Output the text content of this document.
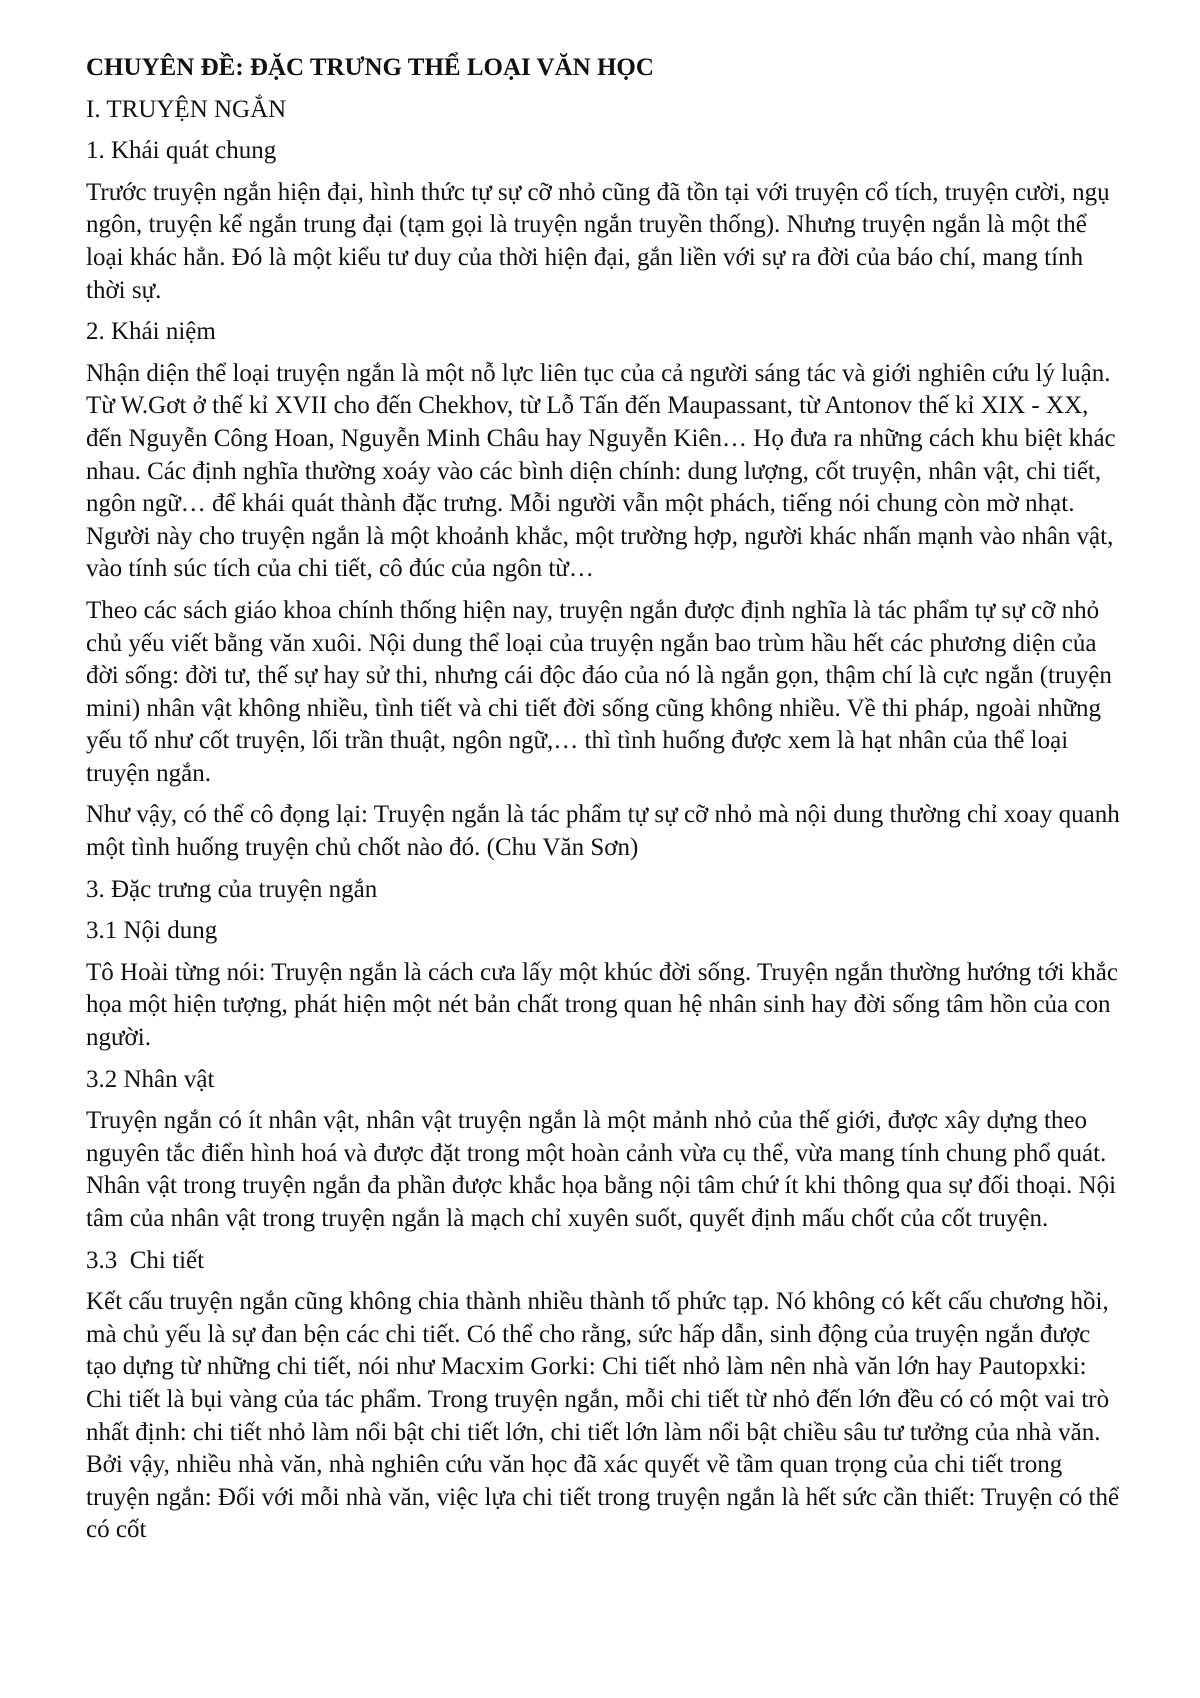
CHUYÊN ĐỀ: ĐẶC TRƯNG THỂ LOẠI VĂN HỌC

I. TRUYỆN NGẮN

1. Khái quát chung

Trước truyện ngắn hiện đại, hình thức tự sự cỡ nhỏ cũng đã tồn tại với truyện cổ tích, truyện cười, ngụ ngôn, truyện kể ngắn trung đại (tạm gọi là truyện ngắn truyền thống). Nhưng truyện ngắn là một thể loại khác hẳn. Đó là một kiểu tư duy của thời hiện đại, gắn liền với sự ra đời của báo chí, mang tính thời sự.

2. Khái niệm

Nhận diện thể loại truyện ngắn là một nỗ lực liên tục của cả người sáng tác và giới nghiên cứu lý luận. Từ W.Gơt ở thế kỉ XVII cho đến Chekhov, từ Lỗ Tấn đến Maupassant, từ Antonov thế kỉ XIX - XX, đến Nguyễn Công Hoan, Nguyễn Minh Châu hay Nguyễn Kiên… Họ đưa ra những cách khu biệt khác nhau. Các định nghĩa thường xoáy vào các bình diện chính: dung lượng, cốt truyện, nhân vật, chi tiết, ngôn ngữ… để khái quát thành đặc trưng. Mỗi người vẫn một phách, tiếng nói chung còn mờ nhạt. Người này cho truyện ngắn là một khoảnh khắc, một trường hợp, người khác nhấn mạnh vào nhân vật, vào tính súc tích của chi tiết, cô đúc của ngôn từ…

Theo các sách giáo khoa chính thống hiện nay, truyện ngắn được định nghĩa là tác phẩm tự sự cỡ nhỏ chủ yếu viết bằng văn xuôi. Nội dung thể loại của truyện ngắn bao trùm hầu hết các phương diện của đời sống: đời tư, thế sự hay sử thi, nhưng cái độc đáo của nó là ngắn gọn, thậm chí là cực ngắn (truyện mini) nhân vật không nhiều, tình tiết và chi tiết đời sống cũng không nhiều. Về thi pháp, ngoài những yếu tố như cốt truyện, lối trần thuật, ngôn ngữ,… thì tình huống được xem là hạt nhân của thể loại truyện ngắn.

Như vậy, có thể cô đọng lại: Truyện ngắn là tác phẩm tự sự cỡ nhỏ mà nội dung thường chỉ xoay quanh một tình huống truyện chủ chốt nào đó. (Chu Văn Sơn)

3. Đặc trưng của truyện ngắn

3.1 Nội dung

Tô Hoài từng nói: Truyện ngắn là cách cưa lấy một khúc đời sống. Truyện ngắn thường hướng tới khắc họa một hiện tượng, phát hiện một nét bản chất trong quan hệ nhân sinh hay đời sống tâm hồn của con người.

3.2 Nhân vật

Truyện ngắn có ít nhân vật, nhân vật truyện ngắn là một mảnh nhỏ của thế giới, được xây dựng theo nguyên tắc điển hình hoá và được đặt trong một hoàn cảnh vừa cụ thể, vừa mang tính chung phổ quát. Nhân vật trong truyện ngắn đa phần được khắc họa bằng nội tâm chứ ít khi thông qua sự đối thoại. Nội tâm của nhân vật trong truyện ngắn là mạch chỉ xuyên suốt, quyết định mấu chốt của cốt truyện.

3.3  Chi tiết

Kết cấu truyện ngắn cũng không chia thành nhiều thành tố phức tạp. Nó không có kết cấu chương hồi, mà chủ yếu là sự đan bện các chi tiết. Có thể cho rằng, sức hấp dẫn, sinh động của truyện ngắn được tạo dựng từ những chi tiết, nói như Macxim Gorki: Chi tiết nhỏ làm nên nhà văn lớn hay Pautopxki: Chi tiết là bụi vàng của tác phẩm. Trong truyện ngắn, mỗi chi tiết từ nhỏ đến lớn đều có có một vai trò nhất định: chi tiết nhỏ làm nổi bật chi tiết lớn, chi tiết lớn làm nổi bật chiều sâu tư tưởng của nhà văn. Bởi vậy, nhiều nhà văn, nhà nghiên cứu văn học đã xác quyết về tầm quan trọng của chi tiết trong truyện ngắn: Đối với mỗi nhà văn, việc lựa chi tiết trong truyện ngắn là hết sức cần thiết: Truyện có thể có cốt
